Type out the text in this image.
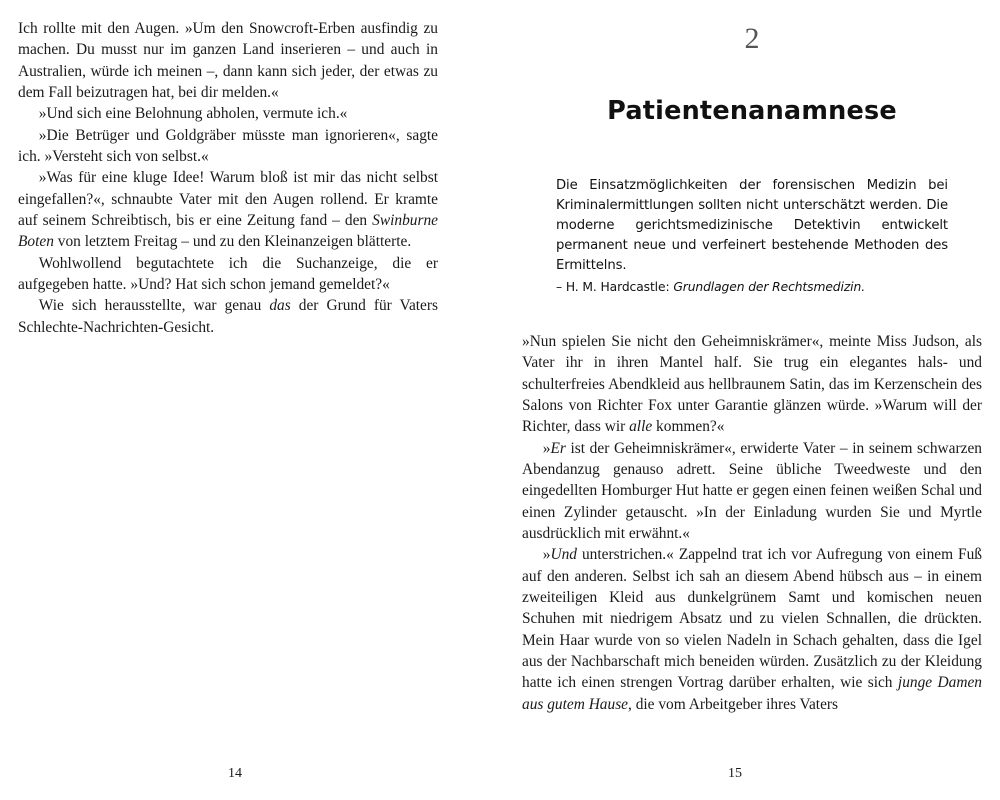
Ich rollte mit den Augen. »Um den Snowcroft-Erben ausfindig zu machen. Du musst nur im ganzen Land inserieren – und auch in Australien, würde ich meinen –, dann kann sich jeder, der etwas zu dem Fall beizutragen hat, bei dir melden.«

»Und sich eine Belohnung abholen, vermute ich.«

»Die Betrüger und Goldgräber müsste man ignorieren«, sagte ich. »Versteht sich von selbst.«

»Was für eine kluge Idee! Warum bloß ist mir das nicht selbst eingefallen?«, schnaubte Vater mit den Augen rollend. Er kramte auf seinem Schreibtisch, bis er eine Zeitung fand – den Swinburne Boten von letztem Freitag – und zu den Kleinanzeigen blätterte.

Wohlwollend begutachtete ich die Suchanzeige, die er aufgegeben hatte. »Und? Hat sich schon jemand gemeldet?«

Wie sich herausstellte, war genau das der Grund für Vaters Schlechte-Nachrichten-Gesicht.

14
2
Patientenanamnese

Die Einsatzmöglichkeiten der forensischen Medizin bei Kriminalermittlungen sollten nicht unterschätzt werden. Die moderne gerichtsmedizinische Detektivin entwickelt permanent neue und verfeinert bestehende Methoden des Ermittelns.

– H. M. Hardcastle: Grundlagen der Rechtsmedizin.

»Nun spielen Sie nicht den Geheimniskrämer«, meinte Miss Judson, als Vater ihr in ihren Mantel half. Sie trug ein elegantes hals- und schulterfreies Abendkleid aus hellbraunem Satin, das im Kerzenschein des Salons von Richter Fox unter Garantie glänzen würde. »Warum will der Richter, dass wir alle kommen?«

»Er ist der Geheimniskrämer«, erwiderte Vater – in seinem schwarzen Abendanzug genauso adrett. Seine übliche Tweedweste und den eingedellten Homburger Hut hatte er gegen einen feinen weißen Schal und einen Zylinder getauscht. »In der Einladung wurden Sie und Myrtle ausdrücklich mit erwähnt.«

»Und unterstrichen.« Zappelnd trat ich vor Aufregung von einem Fuß auf den anderen. Selbst ich sah an diesem Abend hübsch aus – in einem zweiteiligen Kleid aus dunkelgrünem Samt und komischen neuen Schuhen mit niedrigem Absatz und zu vielen Schnallen, die drückten. Mein Haar wurde von so vielen Nadeln in Schach gehalten, dass die Igel aus der Nachbarschaft mich beneiden würden. Zusätzlich zu der Kleidung hatte ich einen strengen Vortrag darüber erhalten, wie sich junge Damen aus gutem Hause, die vom Arbeitgeber ihres Vaters

15
